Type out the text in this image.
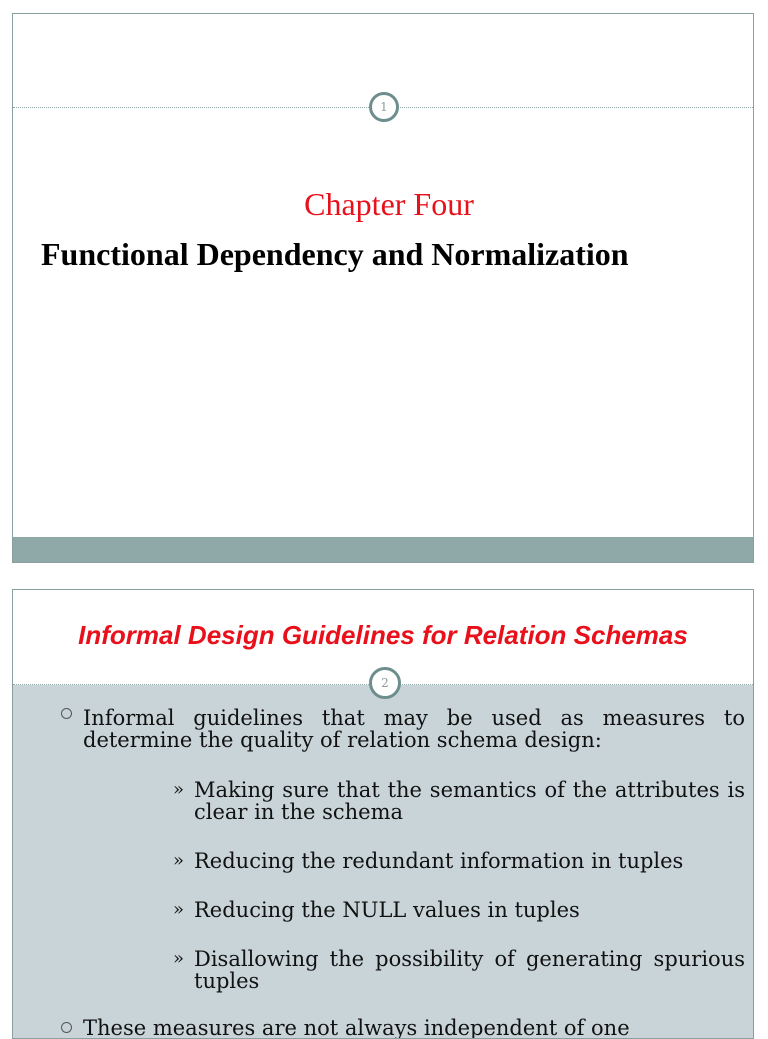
1
Chapter Four
Functional Dependency and Normalization
Informal Design Guidelines for Relation Schemas
2
Informal guidelines that may be used as measures to determine the quality of relation schema design:
» Making sure that the semantics of the attributes is clear in the schema
» Reducing the redundant information in tuples
» Reducing the NULL values in tuples
» Disallowing the possibility of generating spurious tuples
These measures are not always independent of one
